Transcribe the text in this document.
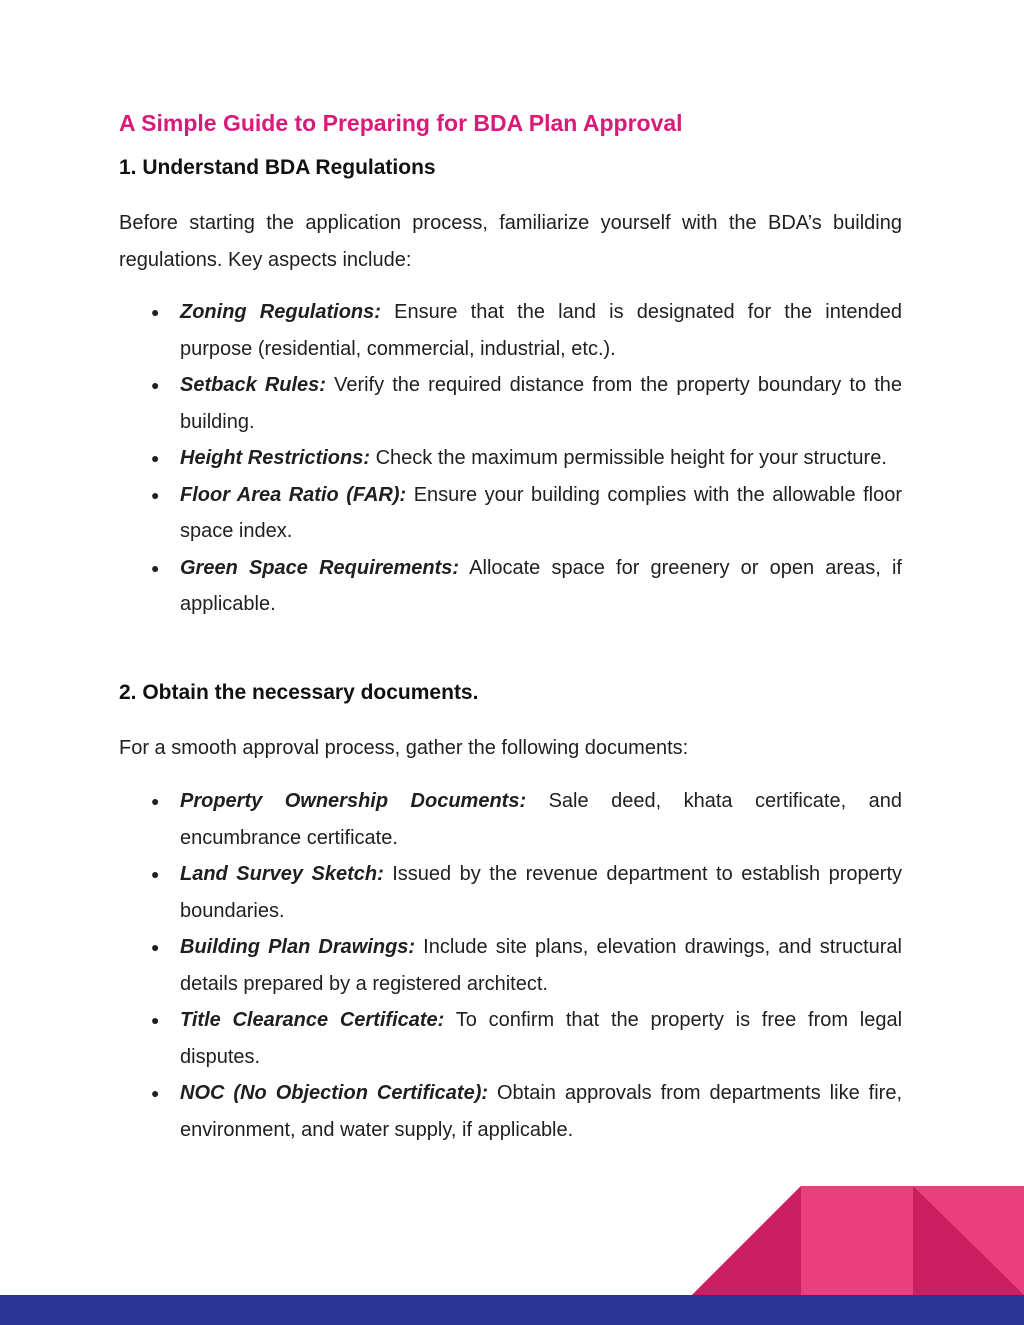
A Simple Guide to Preparing for BDA Plan Approval
1. Understand BDA Regulations

Before starting the application process, familiarize yourself with the BDA’s building regulations. Key aspects include:

● Zoning Regulations: Ensure that the land is designated for the intended purpose (residential, commercial, industrial, etc.).
● Setback Rules: Verify the required distance from the property boundary to the building.
● Height Restrictions: Check the maximum permissible height for your structure.
● Floor Area Ratio (FAR): Ensure your building complies with the allowable floor space index.
● Green Space Requirements: Allocate space for greenery or open areas, if applicable.
2. Obtain the necessary documents.

For a smooth approval process, gather the following documents:

● Property Ownership Documents: Sale deed, khata certificate, and encumbrance certificate.
● Land Survey Sketch: Issued by the revenue department to establish property boundaries.
● Building Plan Drawings: Include site plans, elevation drawings, and structural details prepared by a registered architect.
● Title Clearance Certificate: To confirm that the property is free from legal disputes.
● NOC (No Objection Certificate): Obtain approvals from departments like fire, environment, and water supply, if applicable.
